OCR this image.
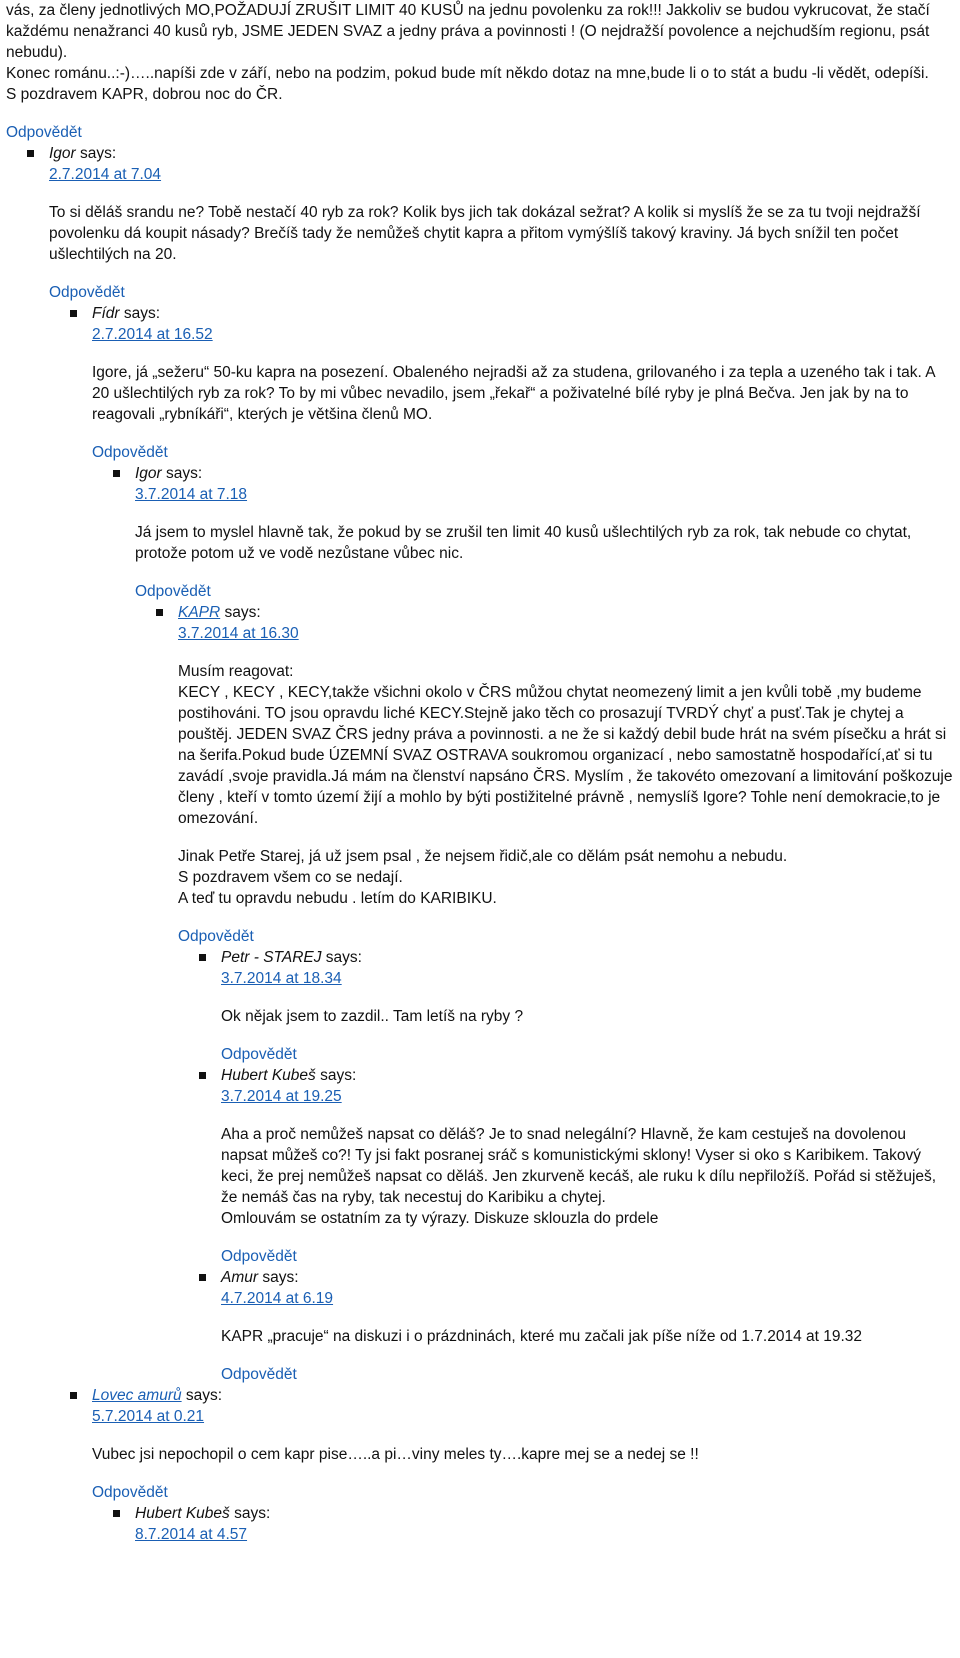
vás, za členy jednotlivých MO,POŽADUJÍ ZRUŠIT LIMIT 40 KUSŮ na jednu povolenku za rok!!! Jakkoliv se budou vykrucovat, že stačí každému nenažranci 40 kusů ryb, JSME JEDEN SVAZ a jedny práva a povinnosti ! (O nejdražší povolence a nejchudším regionu, psát nebudu).

Konec románu..:-)…..napíši zde v září, nebo na podzim, pokud bude mít někdo dotaz na mne,bude li o to stát a budu -li vědět, odepíši.

S pozdravem KAPR, dobrou noc do ČR.

Odpovědět
Igor says:
2.7.2014 at 7.04

To si děláš srandu ne? Tobě nestačí 40 ryb za rok? Kolik bys jich tak dokázal sežrat? A kolik si myslíš že se za tu tvoji nejdražší povolenku dá koupit násady? Brečíš tady že nemůžeš chytit kapra a přitom vymýšlíš takový kraviny. Já bych snížil ten počet ušlechtilých na 20.

Odpovědět
Fídr says:
2.7.2014 at 16.52

Igore, já „sežeru“ 50-ku kapra na posezení. Obaleného nejradši až za studena, grilovaného i za tepla a uzeného tak i tak. A 20 ušlechtilých ryb za rok? To by mi vůbec nevadilo, jsem „řekař“ a poživatelné bílé ryby je plná Bečva. Jen jak by na to reagovali „rybníkáři“, kterých je většina členů MO.

Odpovědět
Igor says:
3.7.2014 at 7.18

Já jsem to myslel hlavně tak, že pokud by se zrušil ten limit 40 kusů ušlechtilých ryb za rok, tak nebude co chytat, protože potom už ve vodě nezůstane vůbec nic.

Odpovědět
KAPR says:
3.7.2014 at 16.30

Musím reagovat:
KECY , KECY , KECY,takže všichni okolo v ČRS můžou chytat neomezený limit a jen kvůli tobě ,my budeme postihováni. TO jsou opravdu liché KECY.Stejně jako těch co prosazují TVRDÝ chyť a pusť.Tak je chytej a pouštěj. JEDEN SVAZ ČRS jedny práva a povinnosti. a ne že si každý debil bude hrát na svém písečku a hrát si na šerifa.Pokud bude ÚZEMNÍ SVAZ OSTRAVA soukromou organizací , nebo samostatně hospodařící,ať si tu zavádí ,svoje pravidla.Já mám na členství napsáno ČRS. Myslím , že takovéto omezovaní a limitování poškozuje členy , kteří v tomto území žijí a mohlo by býti postižitelné právně , nemyslíš Igore? Tohle není demokracie,to je omezování.

Jinak Petře Starej, já už jsem psal , že nejsem řidič,ale co dělám psát nemohu a nebudu.
S pozdravem všem co se nedají.
A teď tu opravdu nebudu . letím do KARIBIKU.

Odpovědět
Petr - STAREJ says:
3.7.2014 at 18.34

Ok nějak jsem to zazdil.. Tam letíš na ryby ?

Odpovědět
Hubert Kubeš says:
3.7.2014 at 19.25

Aha a proč nemůžeš napsat co děláš? Je to snad nelegální? Hlavně, že kam cestuješ na dovolenou napsat můžeš co?! Ty jsi fakt posranej sráč s komunistickými sklony! Vyser si oko s Karibikem. Takový keci, že prej nemůžeš napsat co děláš. Jen zkurveně kecáš, ale ruku k dílu nepřiložíš. Pořád si stěžuješ, že nemáš čas na ryby, tak necestuj do Karibiku a chytej.
Omlouvám se ostatním za ty výrazy. Diskuze sklouzla do prdele

Odpovědět
Amur says:
4.7.2014 at 6.19

KAPR „pracuje“ na diskuzi i o prázdninách, které mu začali jak píše níže od 1.7.2014 at 19.32

Odpovědět
Lovec amurů says:
5.7.2014 at 0.21

Vubec jsi nepochopil o cem kapr pise…..a pi…viny meles ty….kapre mej se a nedej se !!

Odpovědět
Hubert Kubeš says:
8.7.2014 at 4.57
